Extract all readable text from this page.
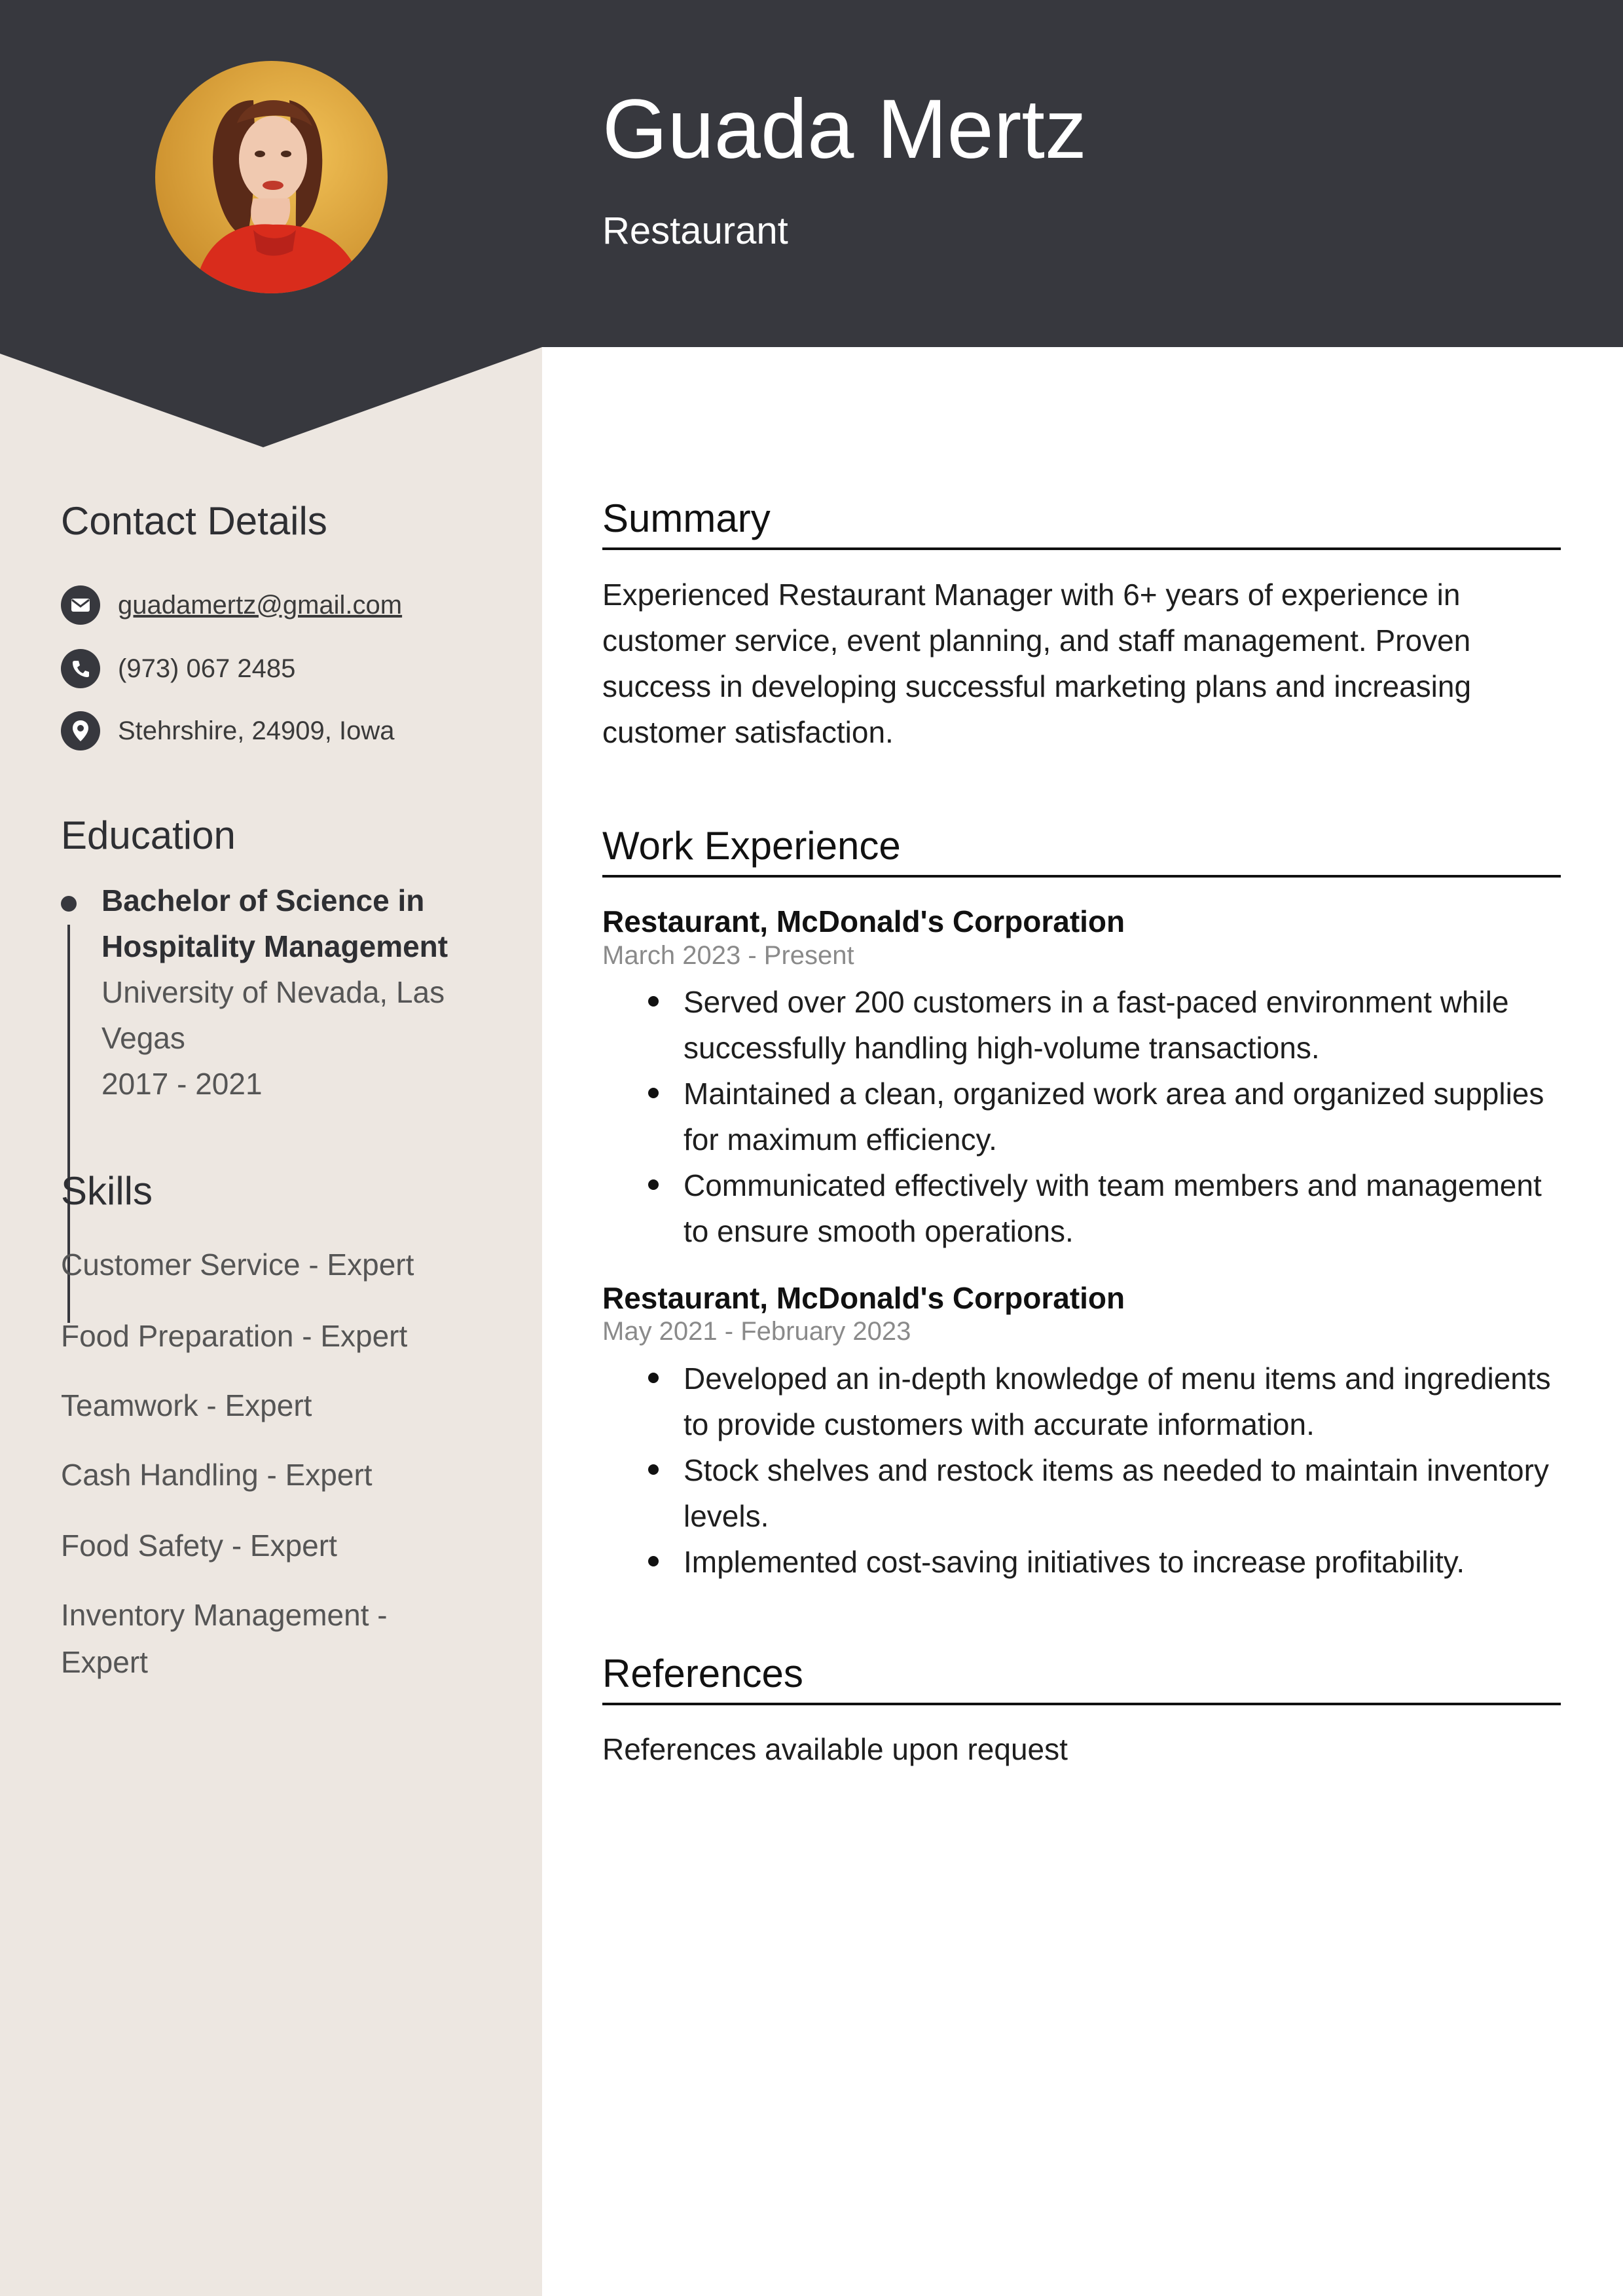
Guada Mertz
Restaurant
Contact Details
guadamertz@gmail.com
(973) 067 2485
Stehrshire, 24909, Iowa
Education
Bachelor of Science in Hospitality Management
University of Nevada, Las Vegas
2017 - 2021
Skills
Customer Service - Expert
Food Preparation - Expert
Teamwork - Expert
Cash Handling - Expert
Food Safety - Expert
Inventory Management - Expert
Summary
Experienced Restaurant Manager with 6+ years of experience in customer service, event planning, and staff management. Proven success in developing successful marketing plans and increasing customer satisfaction.
Work Experience
Restaurant, McDonald's Corporation
March 2023 - Present
Served over 200 customers in a fast-paced environment while successfully handling high-volume transactions.
Maintained a clean, organized work area and organized supplies for maximum efficiency.
Communicated effectively with team members and management to ensure smooth operations.
Restaurant, McDonald's Corporation
May 2021 - February 2023
Developed an in-depth knowledge of menu items and ingredients to provide customers with accurate information.
Stock shelves and restock items as needed to maintain inventory levels.
Implemented cost-saving initiatives to increase profitability.
References
References available upon request
